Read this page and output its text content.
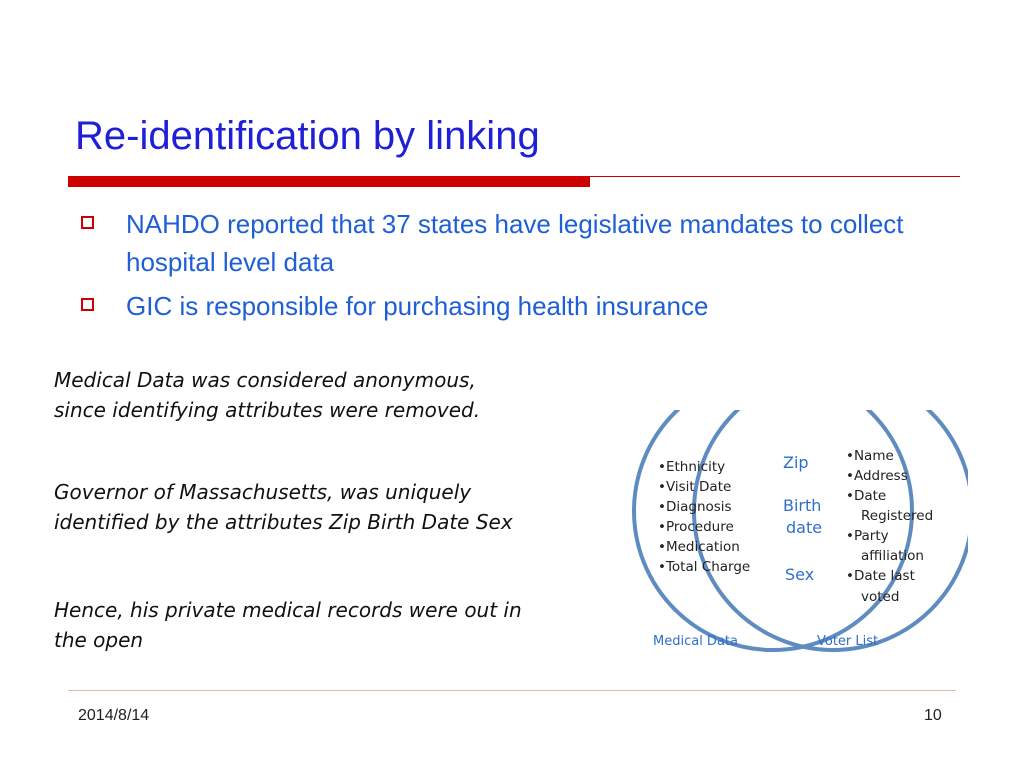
Re-identification by linking
NAHDO reported that 37 states have legislative mandates to collect hospital level data
GIC is responsible for purchasing health insurance
Medical Data was considered anonymous, since identifying attributes were removed.
Governor of Massachusetts, was uniquely identified by the attributes Zip Birth Date Sex
Hence, his private medical records were out in the open
•Ethnicity
•Visit Date
•Diagnosis
•Procedure
•Medication
•Total Charge
Zip
Birth
date
Sex
•Name
•Address
•Date
Registered
•Party
affiliation
•Date last
voted
Medical Data	Voter List
2014/8/14	10
